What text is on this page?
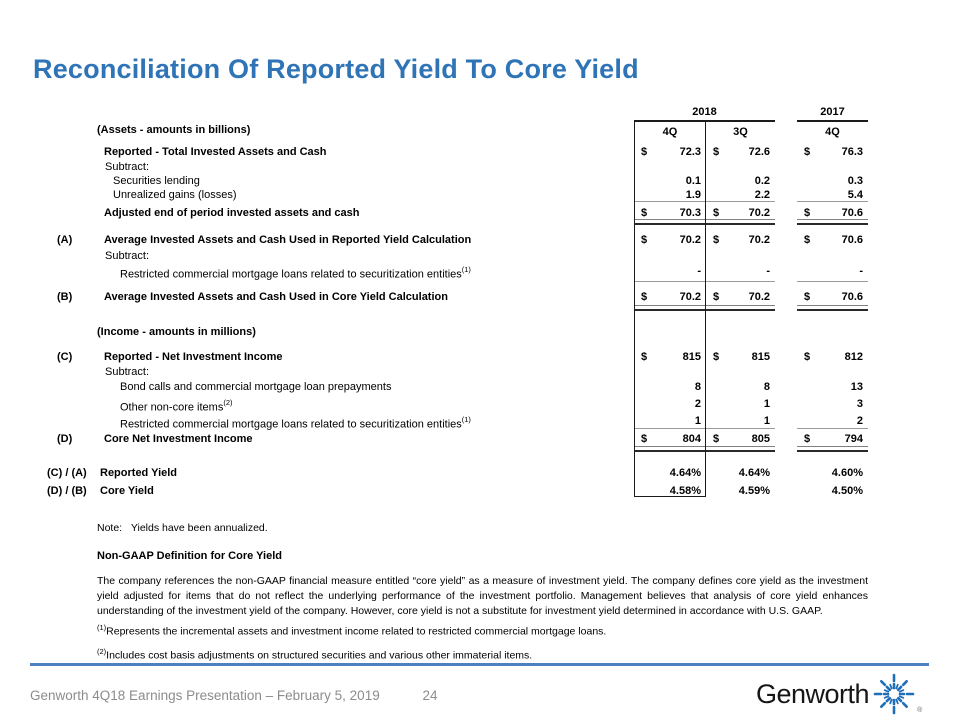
Reconciliation Of Reported Yield To Core Yield
2018	2017
4Q	3Q	4Q
(Assets - amounts in billions)
Reported - Total Invested Assets and Cash	$	72.3 $	72.6	$	76.3
Subtract:
Securities lending	0.1	0.2	0.3
Unrealized gains (losses)	1.9	2.2	5.4
Adjusted end of period invested assets and cash	$	70.3 $	70.2	$	70.6
(A)	Average Invested Assets and Cash Used in Reported Yield Calculation	$	70.2 $	70.2	$	70.6
Subtract:
Restricted commercial mortgage loans related to securitization entities$^{(1)}$	-	-	-
(B)	Average Invested Assets and Cash Used in Core Yield Calculation	$	70.2 $	70.2	$	70.6
(Income - amounts in millions)
(C)	Reported - Net Investment Income	$	815 $	815	$	812
Subtract:
Bond calls and commercial mortgage loan prepayments	8	8	13
Other non-core items$^{(2)}$	2	1	3
Restricted commercial mortgage loans related to securitization entities$^{(1)}$	1	1	2
(D)	Core Net Investment Income	$	804 $	805	$	794
(C) / (A) Reported Yield	4.64%	4.64%	4.60%
(D) / (B) Core Yield	4.58%	4.59%	4.50%
Note: Yields have been annualized.
Non-GAAP Definition for Core Yield
The company references the non-GAAP financial measure entitled “core yield” as a measure of investment yield. The company defines core yield as the investment yield adjusted for items that do not reflect the underlying performance of the investment portfolio. Management believes that analysis of core yield enhances understanding of the investment yield of the company. However, core yield is not a substitute for investment yield determined in accordance with U.S. GAAP.
$^{(1)}$Represents the incremental assets and investment income related to restricted commercial mortgage loans.
$^{(2)}$Includes cost basis adjustments on structured securities and various other immaterial items.
Genworth 4Q18 Earnings Presentation – February 5, 2019	24	Genworth
®
